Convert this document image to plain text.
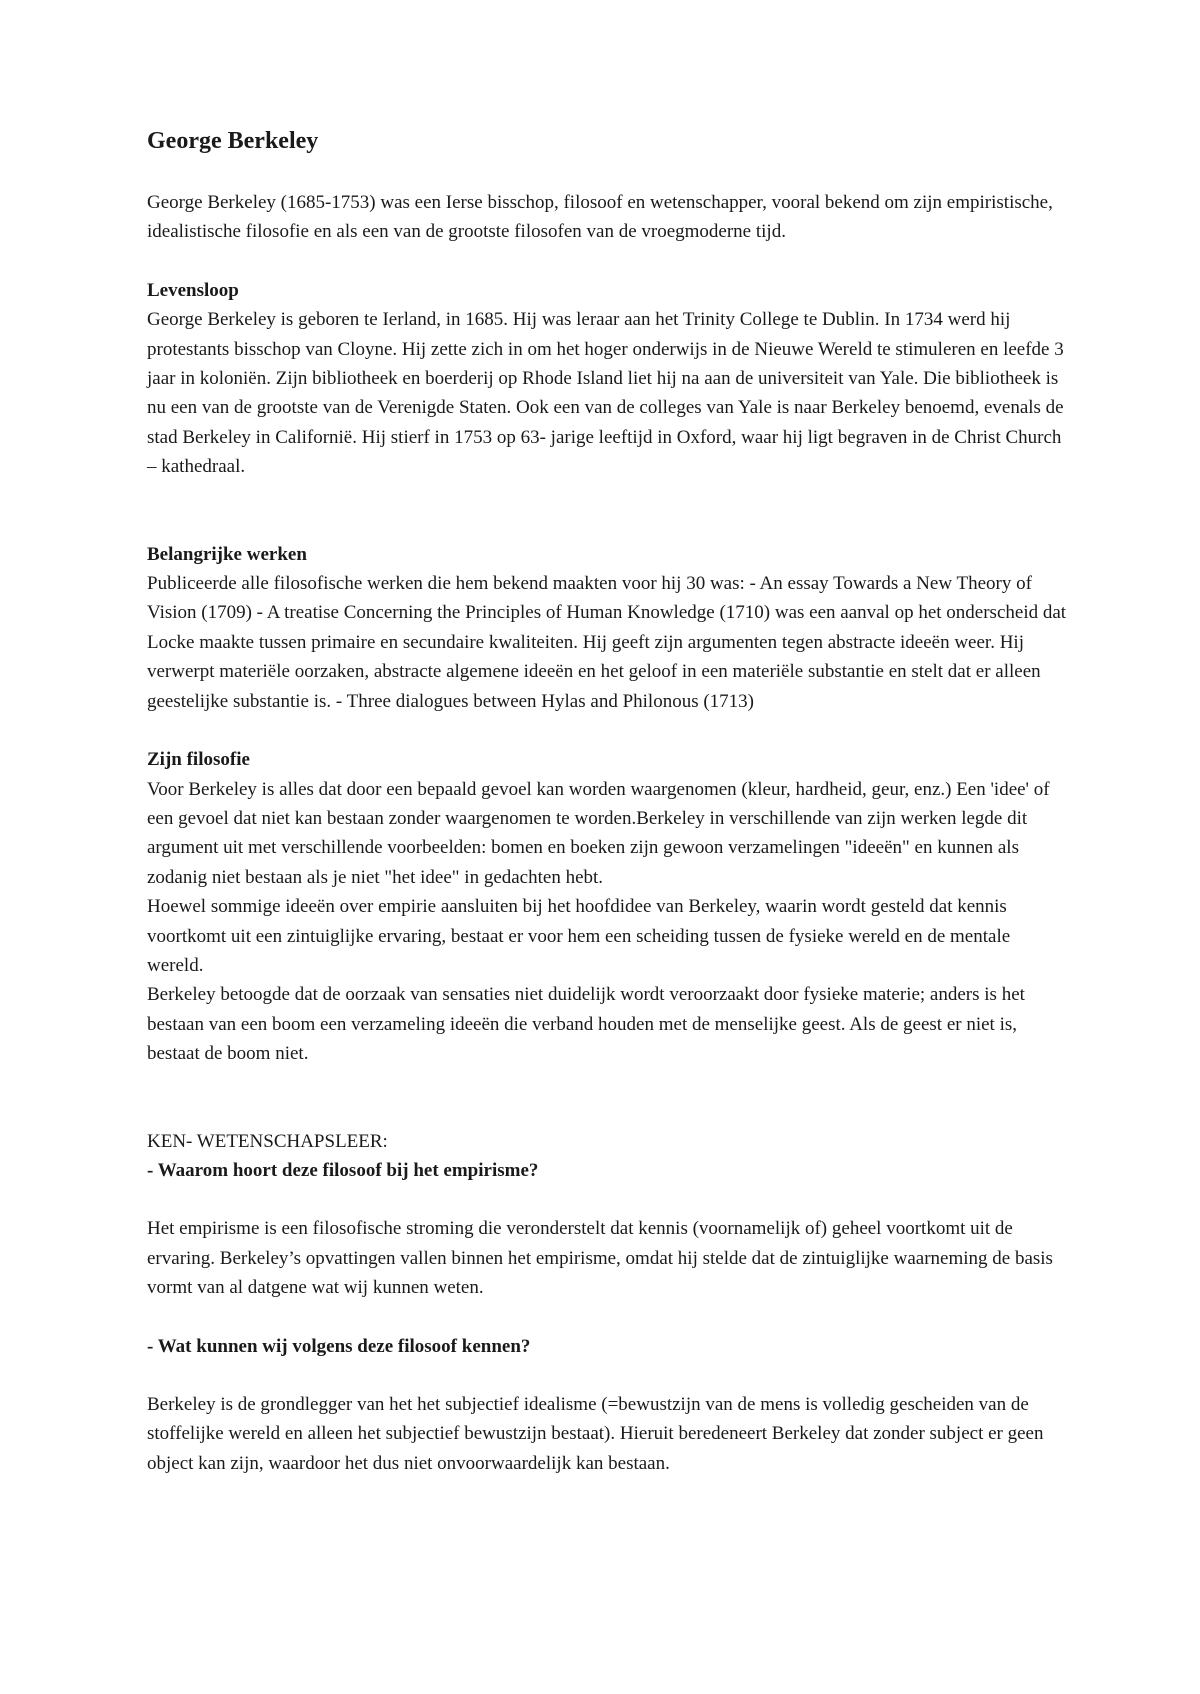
George Berkeley

George Berkeley (1685-1753) was een Ierse bisschop, filosoof en wetenschapper, vooral bekend om zijn empiristische, idealistische filosofie en als een van de grootste filosofen van de vroegmoderne tijd.

Levensloop

George Berkeley is geboren te Ierland, in 1685. Hij was leraar aan het Trinity College te Dublin. In 1734 werd hij protestants bisschop van Cloyne. Hij zette zich in om het hoger onderwijs in de Nieuwe Wereld te stimuleren en leefde 3 jaar in koloniën. Zijn bibliotheek en boerderij op Rhode Island liet hij na aan de universiteit van Yale. Die bibliotheek is nu een van de grootste van de Verenigde Staten. Ook een van de colleges van Yale is naar Berkeley benoemd, evenals de stad Berkeley in Californië. Hij stierf in 1753 op 63- jarige leeftijd in Oxford, waar hij ligt begraven in de Christ Church – kathedraal.

Belangrijke werken

Publiceerde alle filosofische werken die hem bekend maakten voor hij 30 was: - An essay Towards a New Theory of Vision (1709) - A treatise Concerning the Principles of Human Knowledge (1710) was een aanval op het onderscheid dat Locke maakte tussen primaire en secundaire kwaliteiten. Hij geeft zijn argumenten tegen abstracte ideeën weer. Hij verwerpt materiële oorzaken, abstracte algemene ideeën en het geloof in een materiële substantie en stelt dat er alleen geestelijke substantie is. - Three dialogues between Hylas and Philonous (1713)

Zijn filosofie

Voor Berkeley is alles dat door een bepaald gevoel kan worden waargenomen (kleur, hardheid, geur, enz.) Een 'idee' of een gevoel dat niet kan bestaan zonder waargenomen te worden.Berkeley in verschillende van zijn werken legde dit argument uit met verschillende voorbeelden: bomen en boeken zijn gewoon verzamelingen "ideeën" en kunnen als zodanig niet bestaan als je niet "het idee" in gedachten hebt.

Hoewel sommige ideeën over empirie aansluiten bij het hoofdidee van Berkeley, waarin wordt gesteld dat kennis voortkomt uit een zintuiglijke ervaring, bestaat er voor hem een scheiding tussen de fysieke wereld en de mentale wereld.

Berkeley betoogde dat de oorzaak van sensaties niet duidelijk wordt veroorzaakt door fysieke materie; anders is het bestaan van een boom een verzameling ideeën die verband houden met de menselijke geest. Als de geest er niet is, bestaat de boom niet.

KEN- WETENSCHAPSLEER:

- Waarom hoort deze filosoof bij het empirisme?

Het empirisme is een filosofische stroming die veronderstelt dat kennis (voornamelijk of) geheel voortkomt uit de ervaring. Berkeley’s opvattingen vallen binnen het empirisme, omdat hij stelde dat de zintuiglijke waarneming de basis vormt van al datgene wat wij kunnen weten.

- Wat kunnen wij volgens deze filosoof kennen?

Berkeley is de grondlegger van het het subjectief idealisme (=bewustzijn van de mens is volledig gescheiden van de stoffelijke wereld en alleen het subjectief bewustzijn bestaat). Hieruit beredeneert Berkeley dat zonder subject er geen object kan zijn, waardoor het dus niet onvoorwaardelijk kan bestaan.
